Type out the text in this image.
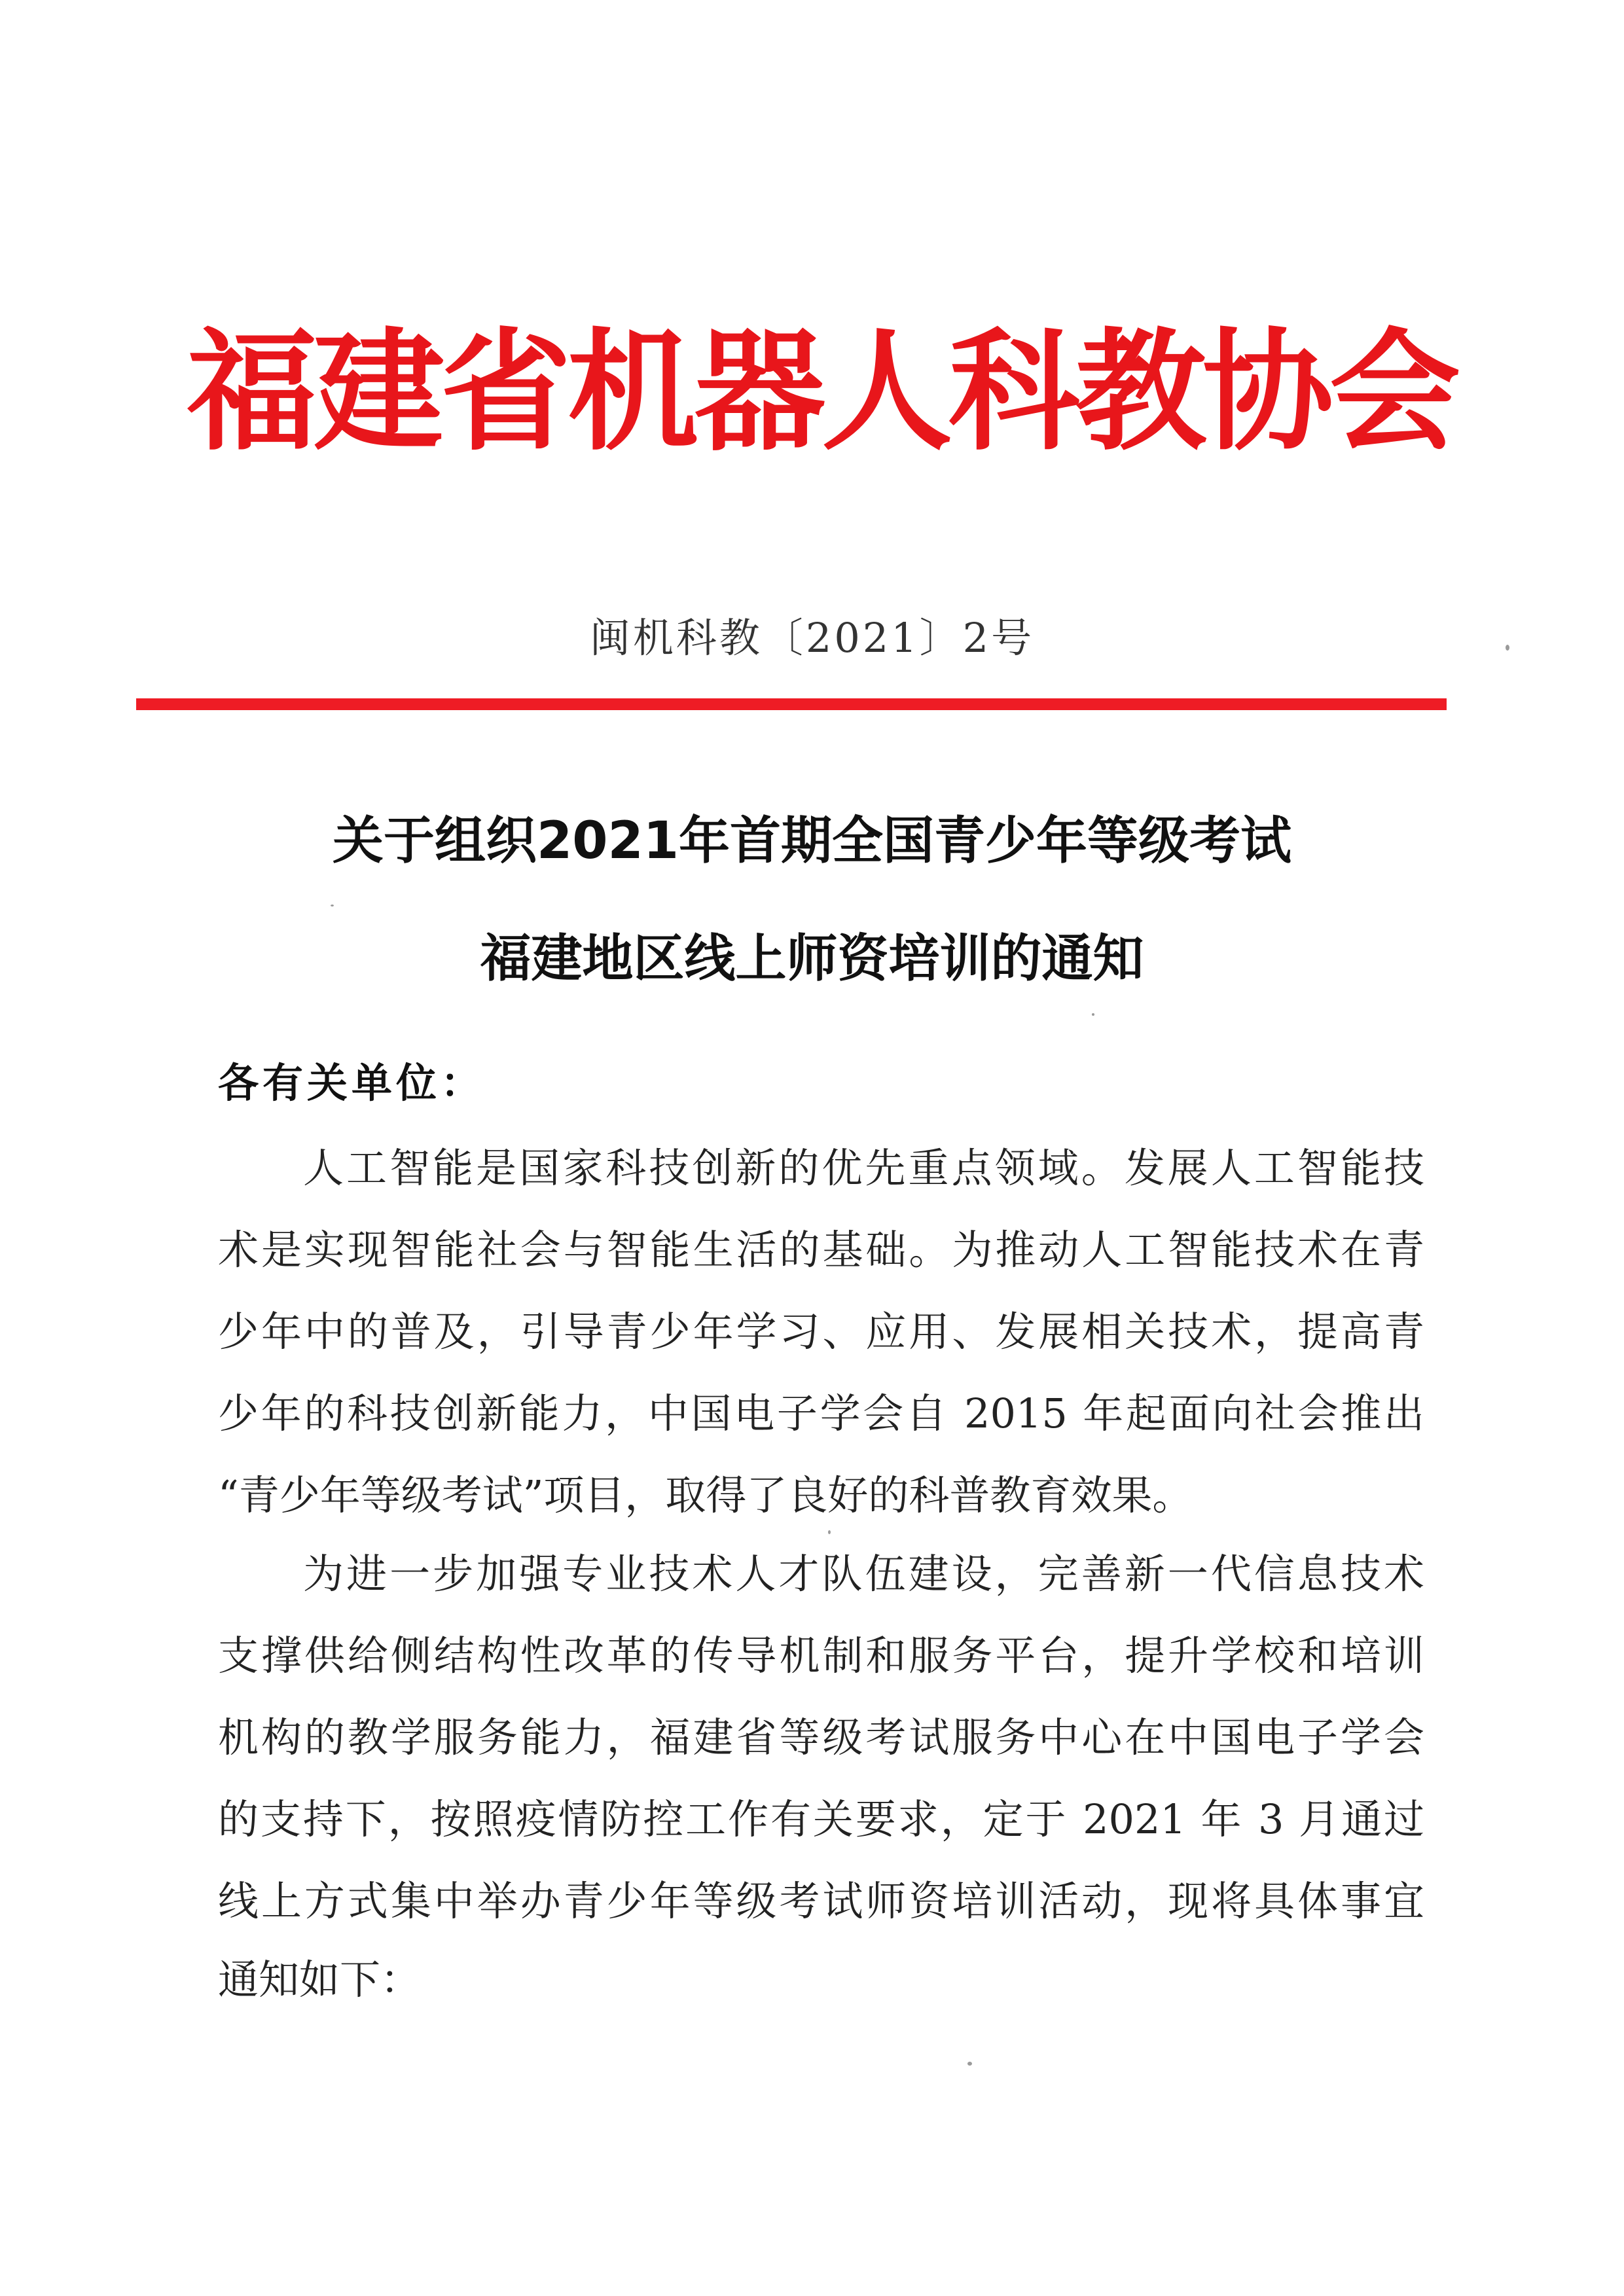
福建省机器人科教协会
闽机科教〔2021〕2号
关于组织2021年首期全国青少年等级考试
福建地区线上师资培训的通知
各有关单位：
人工智能是国家科技创新的优先重点领域。发展人工智能技
术是实现智能社会与智能生活的基础。为推动人工智能技术在青
少年中的普及，引导青少年学习、应用、发展相关技术，提高青
少年的科技创新能力，中国电子学会自 2015 年起面向社会推出
“青少年等级考试”项目，取得了良好的科普教育效果。
为进一步加强专业技术人才队伍建设，完善新一代信息技术
支撑供给侧结构性改革的传导机制和服务平台，提升学校和培训
机构的教学服务能力，福建省等级考试服务中心在中国电子学会
的支持下，按照疫情防控工作有关要求，定于 2021 年 3 月通过
线上方式集中举办青少年等级考试师资培训活动，现将具体事宜
通知如下：
